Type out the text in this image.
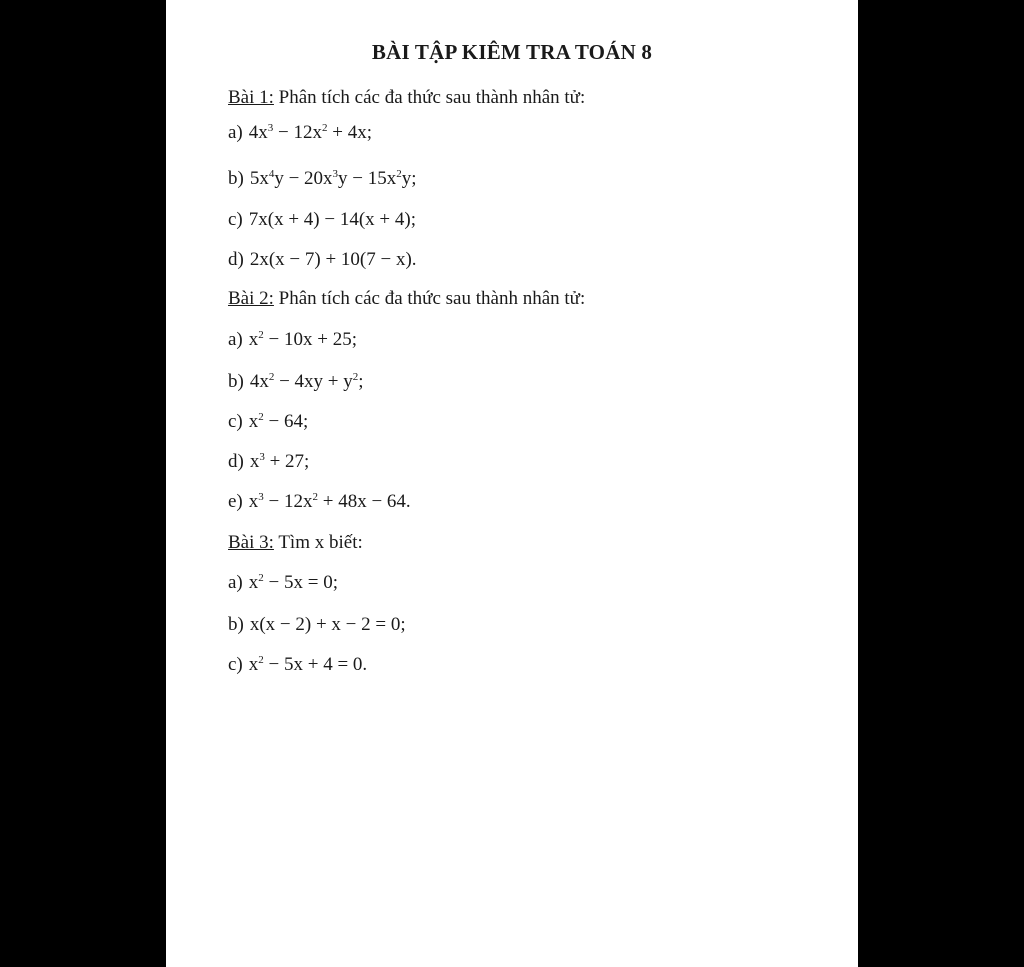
BÀI TẬP KIÊM TRA TOÁN 8
Bài 1: Phân tích các đa thức sau thành nhân tử:
a) $4x^3 - 12x^2 + 4x$;
b) $5x^4y - 20x^3y - 15x^2y$;
c) 7x(x + 4) − 14(x + 4);
d) 2x(x − 7) + 10(7 − x).
Bài 2: Phân tích các đa thức sau thành nhân tử:
a) $x^2 - 10x + 25$;
b) $4x^2 - 4xy + y^2$;
c) $x^2 - 64$;
d) $x^3 + 27$;
e) $x^3 - 12x^2 + 48x - 64$.
Bài 3: Tìm x biết:
a) $x^2 - 5x = 0$;
b) x(x − 2) + x − 2 = 0;
c) $x^2 - 5x + 4 = 0$.
